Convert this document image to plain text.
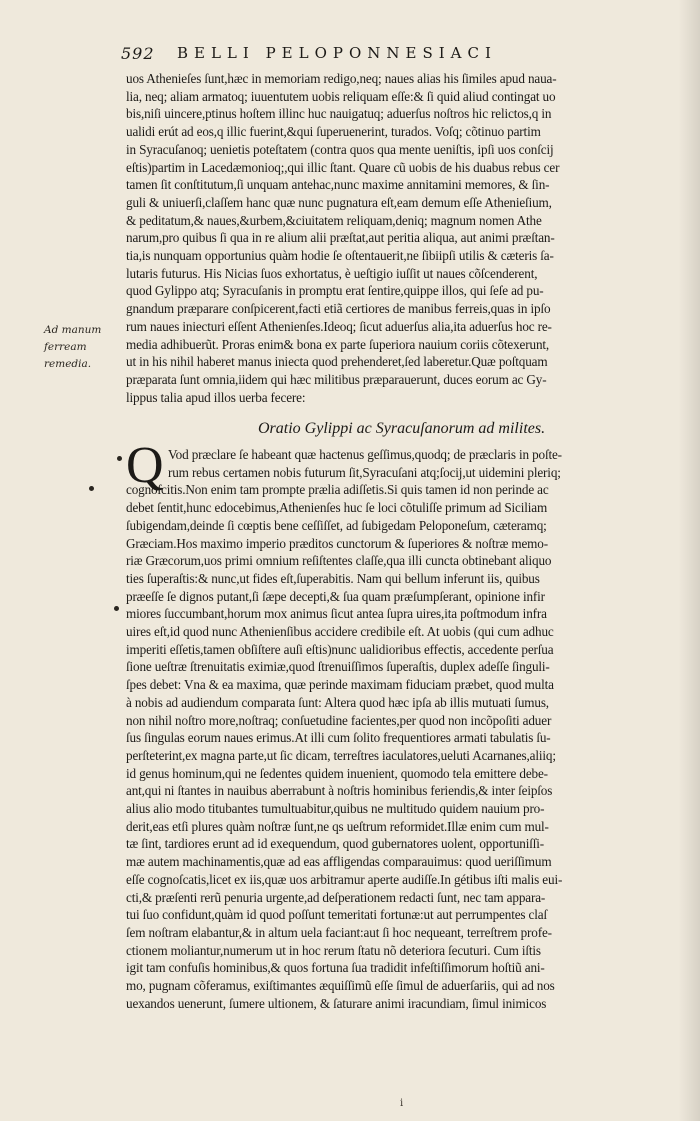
592 BELLI PELOPONNESIACI
Ad manum ferream remedia.
uos Athenieſes ſunt,hæc in memoriam redigo,neq; naues alias his ſimiles apud naua-
lia, neq; aliam armatoq; iuuentutem uobis reliquam eſſe:& ſi quid aliud contingat uo
bis,niſi uincere,ptinus hoſtem illinc huc nauigatuq; aduerſus noſtros hic relictos,q in
ualidi erút ad eos,q illic fuerint,&qui ſuperuenerint, turados. Voſq; cõtinuo partim
in Syracuſanoq; uenietis poteſtatem (contra quos qua mente ueniſtis, ipſi uos conſcij
eſtis)partim in Lacedæmonioq;,qui illic ſtant. Quare cũ uobis de his duabus rebus cer
tamen ſit conſtitutum,ſi unquam antehac,nunc maxime annitamini memores, & ſin-
guli & uniuerſi,claſſem hanc quæ nunc pugnatura eſt,eam demum eſſe Athenieſium,
& peditatum,& naues,&urbem,&ciuitatem reliquam,deniq; magnum nomen Athe
narum,pro quibus ſi qua in re alium alii præſtat,aut peritia aliqua, aut animi præſtan-
tia,is nunquam opportunius quàm hodie ſe oſtentauerit,ne ſibiipſi utilis & cæteris ſa-
lutaris futurus. His Nicias ſuos exhortatus, è ueſtigio iuſſit ut naues cõſcenderent,
quod Gylippo atq; Syracuſanis in promptu erat ſentire,quippe illos, qui ſeſe ad pu-
gnandum præparare conſpicerent,facti etiã certiores de manibus ferreis,quas in ipſo
rum naues iniecturi eſſent Athenienſes.Ideoq; ſicut aduerſus alia,ita aduerſus hoc re-
media adhibuerũt. Proras enim& bona ex parte ſuperiora nauium coriis cõtexerunt,
ut in his nihil haberet manus iniecta quod prehenderet,ſed laberetur.Quæ poſtquam
præparata ſunt omnia,iidem qui hæc militibus præparauerunt, duces eorum ac Gy-
lippus talia apud illos uerba fecere:
Oratio Gylippi ac Syracuſanorum ad milites.
Q Vod præclare ſe habeant quæ hactenus geſſimus,quodq; de præclaris in poſte-
rum rebus certamen nobis futurum ſit,Syracuſani atq;ſocij,ut uidemini pleriq;
cognoſcitis.Non enim tam prompte prælia adiſſetis.Si quis tamen id non perinde ac
debet ſentit,hunc edocebimus,Athenienſes huc ſe loci cõtuliſſe primum ad Siciliam
ſubigendam,deinde ſi cœptis bene ceſſiſſet, ad ſubigedam Peloponeſum, cæteramq;
Græciam.Hos maximo imperio præditos cunctorum & ſuperiores & noſtræ memo-
riæ Græcorum,uos primi omnium reſiſtentes claſſe,qua illi cuncta obtinebant aliquo
ties ſuperaſtis:& nunc,ut fides eſt,ſuperabitis. Nam qui bellum inferunt iis, quibus
præeſſe ſe dignos putant,ſi ſæpe decepti,& ſua quam præſumpſerant, opinione infir
miores ſuccumbant,horum mox animus ſicut antea ſupra uires,ita poſtmodum infra
uires eſt,id quod nunc Athenienſibus accidere credibile eſt. At uobis (qui cum adhuc
imperiti eſſetis,tamen obſiſtere auſi eſtis)nunc ualidioribus effectis, accedente perſua
ſione ueſtræ ſtrenuitatis eximiæ,quod ſtrenuiſſimos ſuperaſtis, duplex adeſſe ſinguli-
ſpes debet: Vna & ea maxima, quæ perinde maximam fiduciam præbet, quod multa
à nobis ad audiendum comparata ſunt: Altera quod hæc ipſa ab illis mutuati ſumus,
non nihil noſtro more,noſtraq; conſuetudine facientes,per quod non incõpoſiti aduer
ſus ſingulas eorum naues erimus.At illi cum ſolito frequentiores armati tabulatis ſu-
perſteterint,ex magna parte,ut ſic dicam, terreſtres iaculatores,ueluti Acarnanes,aliiq;
id genus hominum,qui ne ſedentes quidem inuenient, quomodo tela emittere debe-
ant,qui ni ſtantes in nauibus aberrabunt à noſtris hominibus feriendis,& inter ſeipſos
alius alio modo titubantes tumultuabitur,quibus ne multitudo quidem nauium pro-
derit,eas etſi plures quàm noſtræ ſunt,ne qs ueſtrum reformidet.Illæ enim cum mul-
tæ ſint, tardiores erunt ad id exequendum, quod gubernatores uolent, opportuniſſi-
mæ autem machinamentis,quæ ad eas affligendas comparauimus: quod ueriſſimum
eſſe cognoſcatis,licet ex iis,quæ uos arbitramur aperte audiſſe.In gétibus iſti malis eui-
cti,& præſenti rerũ penuria urgente,ad deſperationem redacti ſunt, nec tam appara-
tui ſuo confidunt,quàm id quod poſſunt temeritati fortunæ:ut aut perrumpentes claſ
ſem noſtram elabantur,& in altum uela faciant:aut ſi hoc nequeant, terreſtrem profe-
ctionem moliantur,numerum ut in hoc rerum ſtatu nõ deteriora ſecuturi. Cum iſtis
igit tam confuſis hominibus,& quos fortuna ſua tradidit infeſtiſſimorum hoſtiũ ani-
mo, pugnam cõferamus, exiſtimantes æquiſſimũ eſſe ſimul de aduerſariis, qui ad nos
uexandos uenerunt, ſumere ultionem, & ſaturare animi iracundiam, ſimul inimicos
i
